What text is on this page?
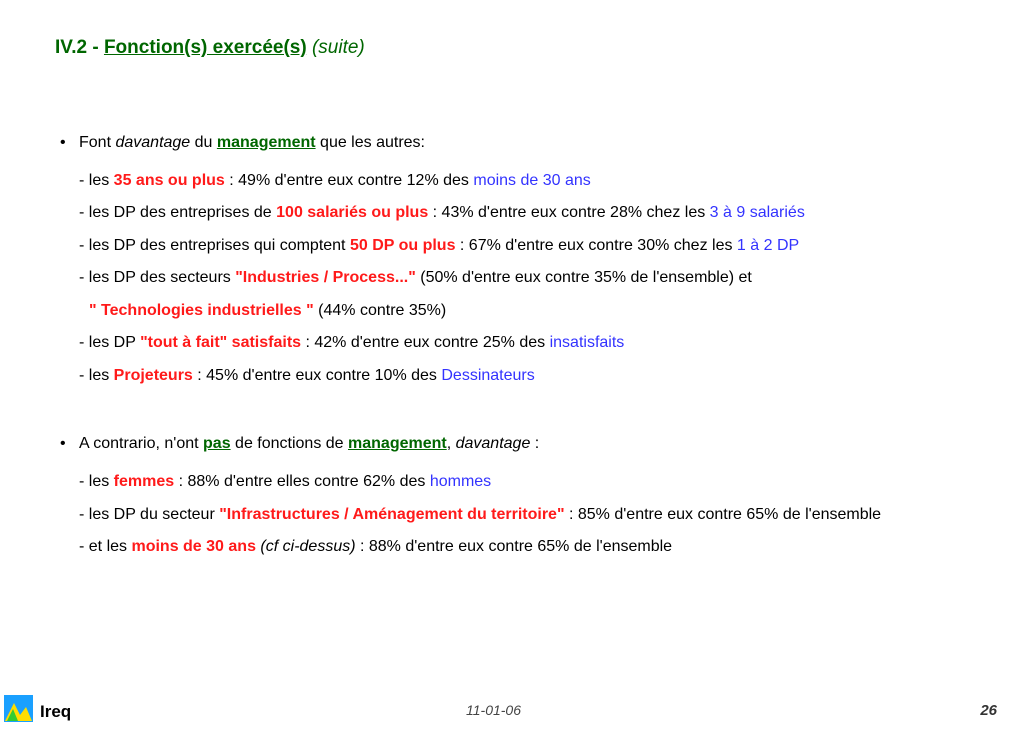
IV.2 - Fonction(s) exercée(s) (suite)
• Font davantage du management que les autres:
- les 35 ans ou plus : 49% d'entre eux contre 12% des moins de 30 ans
- les DP des entreprises de 100 salariés ou plus : 43% d'entre eux contre 28% chez les 3 à 9 salariés
- les DP des entreprises qui comptent 50 DP ou plus : 67% d'entre eux contre 30% chez les 1 à 2 DP
- les DP des secteurs "Industries / Process..." (50% d'entre eux contre 35% de l'ensemble) et
" Technologies industrielles " (44% contre 35%)
- les DP "tout à fait" satisfaits : 42% d'entre eux contre 25% des insatisfaits
- les Projeteurs : 45% d'entre eux contre 10% des Dessinateurs
• A contrario, n'ont pas de fonctions de management, davantage :
- les femmes : 88% d'entre elles contre 62% des hommes
- les DP du secteur "Infrastructures / Aménagement du territoire" : 85% d'entre eux contre 65% de l'ensemble
- et les moins de 30 ans (cf ci-dessus) : 88% d'entre eux contre 65% de l'ensemble
Ireq	11-01-06	26
